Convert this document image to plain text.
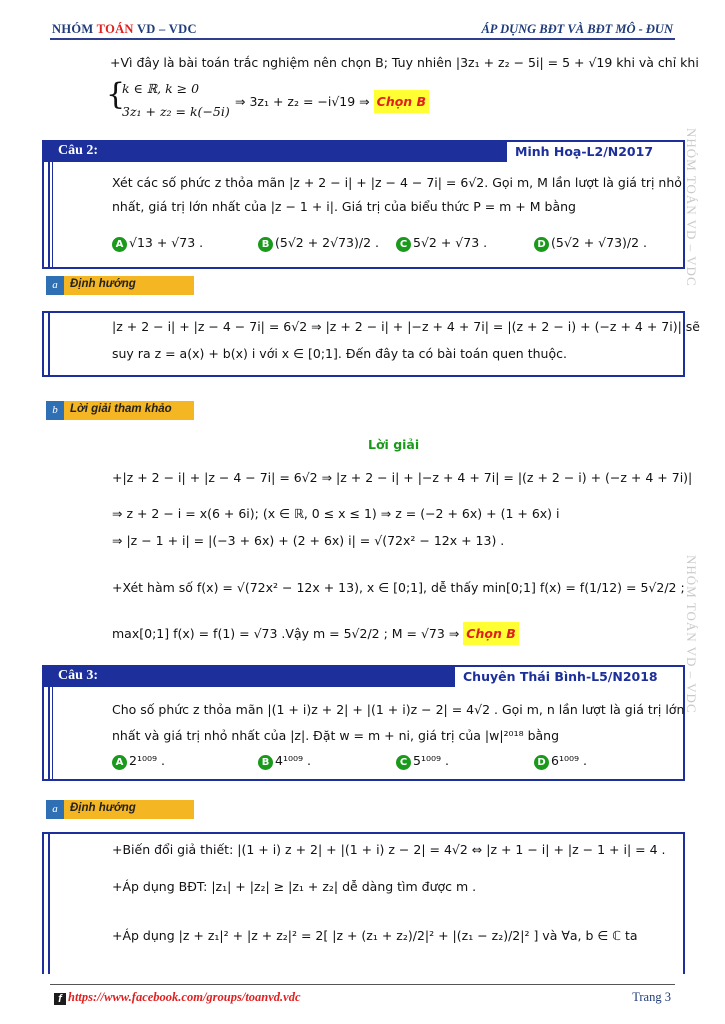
NHÓM TOÁN VD – VDC	ÁP DỤNG BĐT VÀ BĐT MÔ - ĐUN
NHÓM TOÁN VD – VDC
NHÓM TOÁN VD – VDC
+Vì đây là bài toán trắc nghiệm nên chọn B; Tuy nhiên |3z₁ + z₂ − 5i| = 5 + √19 khi và chỉ khi
{
k ∈ ℝ, k ≥ 0
3z₁ + z₂ = k(−5i)
⇒ 3z₁ + z₂ = −i√19 ⇒ Chọn B
Câu 2:	Minh Hoạ-L2/N2017
Xét các số phức z thỏa mãn |z + 2 − i| + |z − 4 − 7i| = 6√2. Gọi m, M lần lượt là giá trị nhỏ
nhất, giá trị lớn nhất của |z − 1 + i|. Giá trị của biểu thức P = m + M bằng
A √13 + √73 .	B (5√2 + 2√73)/2 .	C 5√2 + √73 .	D (5√2 + √73)/2 .
a	Định hướng
|z + 2 − i| + |z − 4 − 7i| = 6√2 ⇒ |z + 2 − i| + |−z + 4 + 7i| = |(z + 2 − i) + (−z + 4 + 7i)| sẽ
suy ra z = a(x) + b(x) i với x ∈ [0;1]. Đến đây ta có bài toán quen thuộc.
b	Lời giải tham khảo
Lời giải
+|z + 2 − i| + |z − 4 − 7i| = 6√2 ⇒ |z + 2 − i| + |−z + 4 + 7i| = |(z + 2 − i) + (−z + 4 + 7i)|
⇒ z + 2 − i = x(6 + 6i); (x ∈ ℝ, 0 ≤ x ≤ 1) ⇒ z = (−2 + 6x) + (1 + 6x) i
⇒ |z − 1 + i| = |(−3 + 6x) + (2 + 6x) i| = √(72x² − 12x + 13) .
+Xét hàm số f(x) = √(72x² − 12x + 13), x ∈ [0;1], dễ thấy min[0;1] f(x) = f(1/12) = 5√2/2 ;
max[0;1] f(x) = f(1) = √73 .Vậy m = 5√2/2 ; M = √73 ⇒ Chọn B
Câu 3:	Chuyên Thái Bình-L5/N2018
Cho số phức z thỏa mãn |(1 + i)z + 2| + |(1 + i)z − 2| = 4√2 . Gọi m, n lần lượt là giá trị lớn
nhất và giá trị nhỏ nhất của |z|. Đặt w = m + ni, giá trị của |w|²⁰¹⁸ bằng
A 2¹⁰⁰⁹ .	B 4¹⁰⁰⁹ .	C 5¹⁰⁰⁹ .	D 6¹⁰⁰⁹ .
a	Định hướng
+Biến đổi giả thiết: |(1 + i) z + 2| + |(1 + i) z − 2| = 4√2 ⇔ |z + 1 − i| + |z − 1 + i| = 4 .
+Áp dụng BĐT: |z₁| + |z₂| ≥ |z₁ + z₂| dễ dàng tìm được m .
+Áp dụng |z + z₁|² + |z + z₂|² = 2[ |z + (z₁ + z₂)/2|² + |(z₁ − z₂)/2|² ] và ∀a, b ∈ ℂ ta
f https://www.facebook.com/groups/toanvd.vdc	Trang 3
